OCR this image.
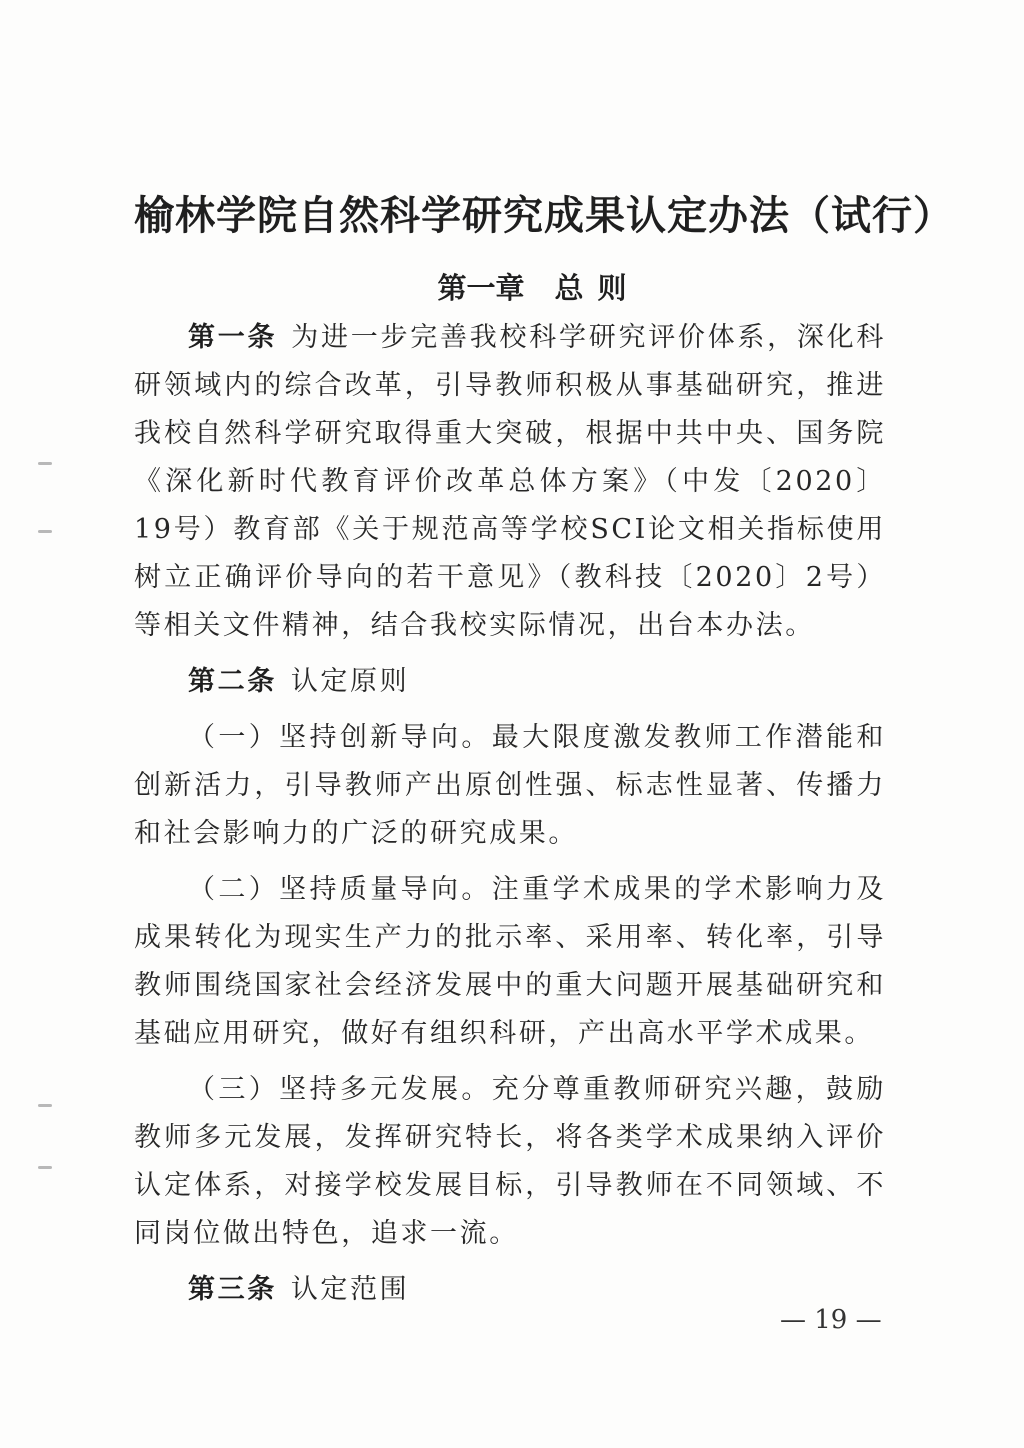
榆林学院自然科学研究成果认定办法（试行）
第一章 总 则

第一条 为进一步完善我校科学研究评价体系，深化科研领域内的综合改革，引导教师积极从事基础研究，推进我校自然科学研究取得重大突破，根据中共中央、国务院《深化新时代教育评价改革总体方案》（中发〔2020〕19号）教育部《关于规范高等学校SCI论文相关指标使用树立正确评价导向的若干意见》（教科技〔2020〕2号）等相关文件精神，结合我校实际情况，出台本办法。

第二条 认定原则

（一）坚持创新导向。最大限度激发教师工作潜能和创新活力，引导教师产出原创性强、标志性显著、传播力和社会影响力的广泛的研究成果。

（二）坚持质量导向。注重学术成果的学术影响力及成果转化为现实生产力的批示率、采用率、转化率，引导教师围绕国家社会经济发展中的重大问题开展基础研究和基础应用研究，做好有组织科研，产出高水平学术成果。

（三）坚持多元发展。充分尊重教师研究兴趣，鼓励教师多元发展，发挥研究特长，将各类学术成果纳入评价认定体系，对接学校发展目标，引导教师在不同领域、不同岗位做出特色，追求一流。

第三条 认定范围

— 19 —
